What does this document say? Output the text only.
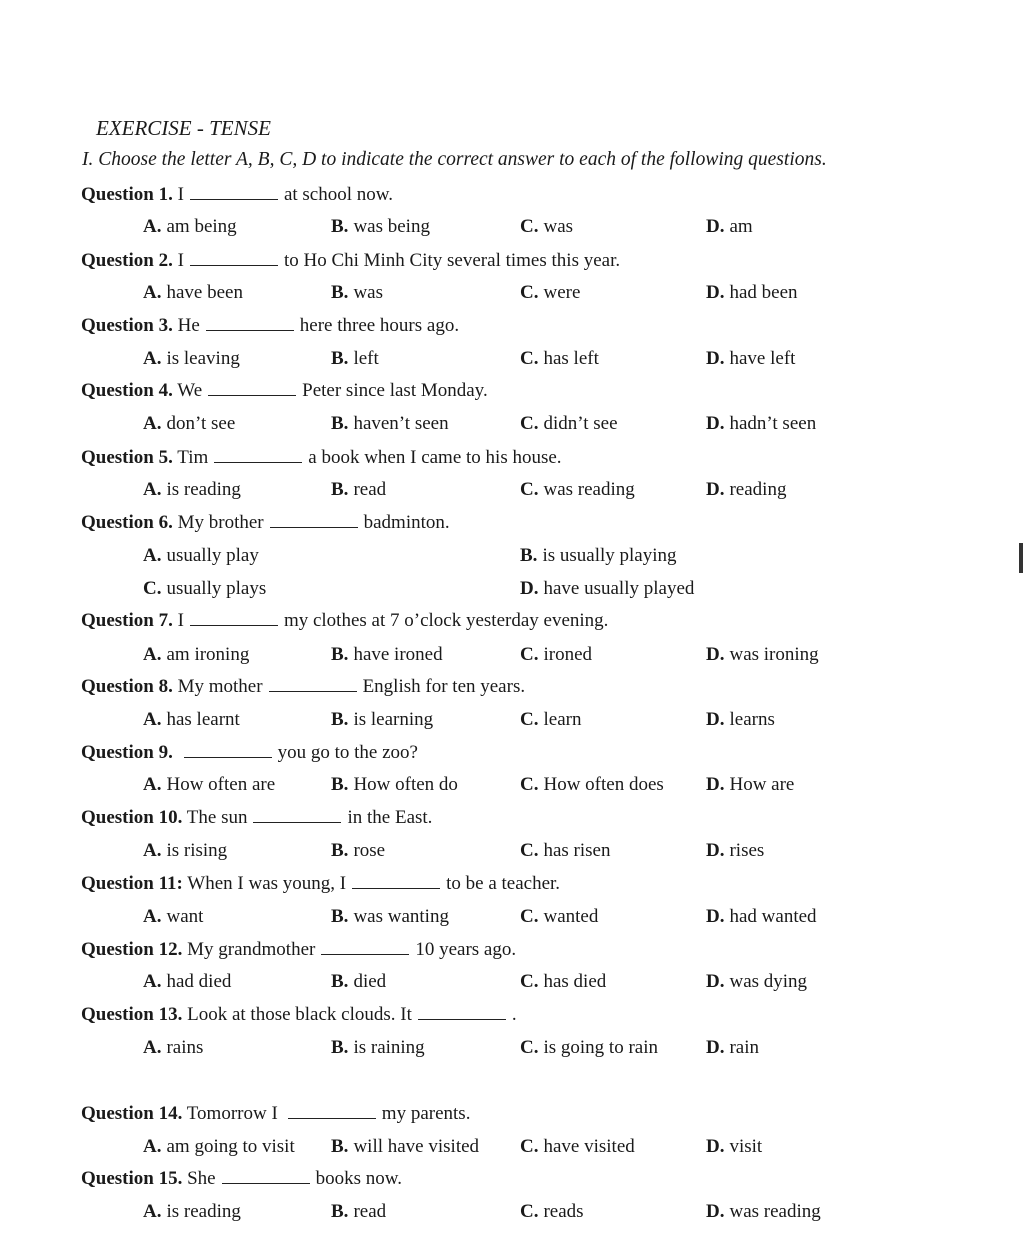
EXERCISE - TENSE
I. Choose the letter A, B, C, D to indicate the correct answer to each of the following questions.
Question 1. I	at school now.
A. am being	B. was being	C. was	D. am
Question 2. I	to Ho Chi Minh City several times this year.
A. have been	B. was	C. were	D. had been
Question 3. He	here three hours ago.
A. is leaving	B. left	C. has left	D. have left
Question 4. We	Peter since last Monday.
A. don’t see	B. haven’t seen	C. didn’t see	D. hadn’t seen
Question 5. Tim	a book when I came to his house.
A. is reading	B. read	C. was reading	D. reading
Question 6. My brother	badminton.
A. usually play	B. is usually playing
C. usually plays	D. have usually played
Question 7. I	my clothes at 7 o’clock yesterday evening.
A. am ironing	B. have ironed	C. ironed	D. was ironing
Question 8. My mother	English for ten years.
A. has learnt	B. is learning	C. learn	D. learns
Question 9.	you go to the zoo?
A. How often are	B. How often do	C. How often does D. How are
Question 10. The sun	in the East.
A. is rising	B. rose	C. has risen	D. rises
Question 11: When I was young, I	to be a teacher.
A. want	B. was wanting	C. wanted	D. had wanted
Question 12. My grandmother	10 years ago.
A. had died	B. died	C. has died	D. was dying
Question 13. Look at those black clouds. It	.
A. rains	B. is raining	C. is going to rain	D. rain
Question 14. Tomorrow I	my parents.
A. am going to visit B. will have visited C. have visited	D. visit
Question 15. She	books now.
A. is reading	B. read	C. reads	D. was reading
